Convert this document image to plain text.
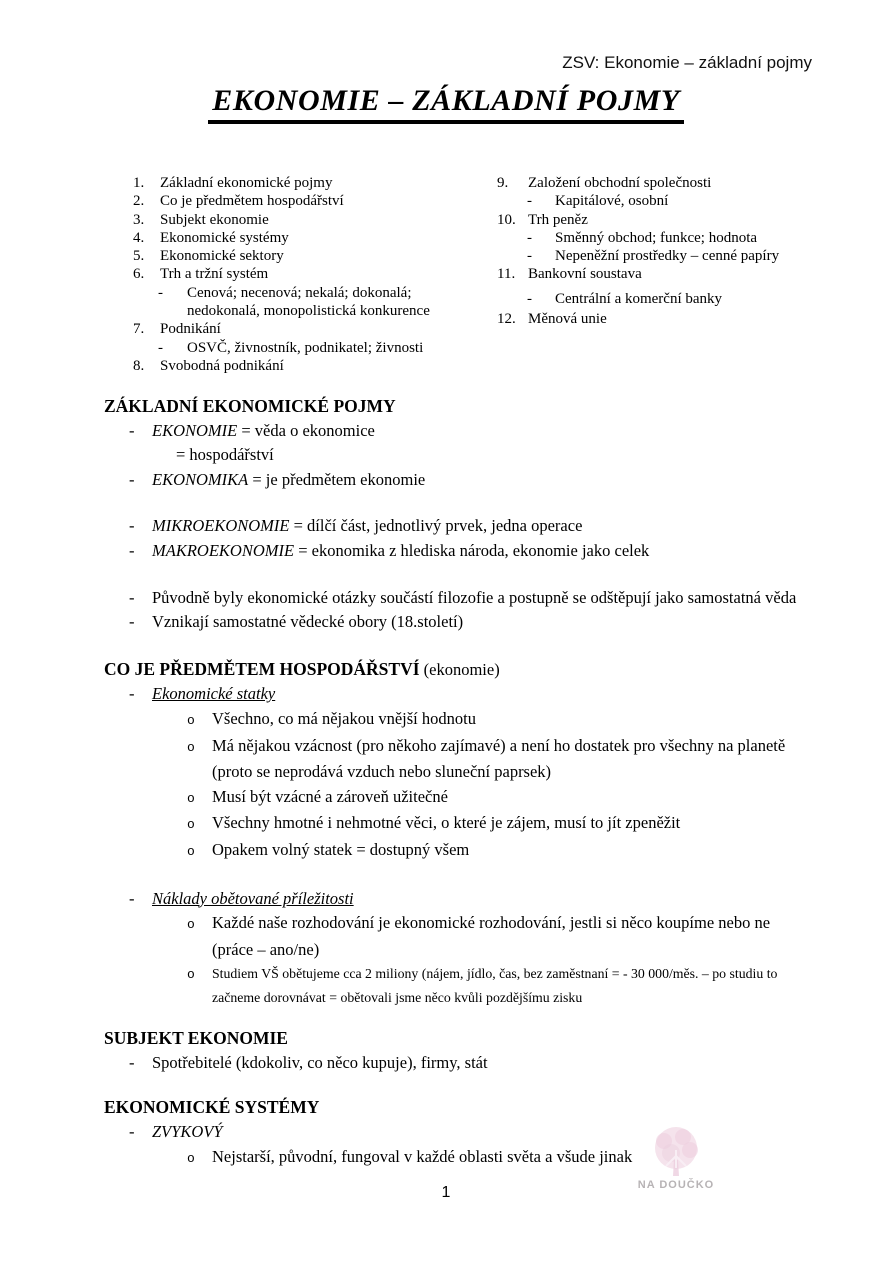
ZSV: Ekonomie – základní pojmy
EKONOMIE – ZÁKLADNÍ POJMY
1. Základní ekonomické pojmy
2. Co je předmětem hospodářství
3. Subjekt ekonomie
4. Ekonomické systémy
5. Ekonomické sektory
6. Trh a tržní systém
- Cenová; necenová; nekalá; dokonalá; nedokonalá, monopolistická konkurence
7. Podnikání
- OSVČ, živnostník, podnikatel; živnosti
8. Svobodná podnikání
9. Založení obchodní společnosti
- Kapitálové, osobní
10. Trh peněz
- Směnný obchod; funkce; hodnota
- Nepeněžní prostředky – cenné papíry
11. Bankovní soustava
- Centrální a komerční banky
12. Měnová unie
ZÁKLADNÍ EKONOMICKÉ POJMY
- EKONOMIE = věda o ekonomice
= hospodářství
- EKONOMIKA = je předmětem ekonomie
- MIKROEKONOMIE = dílčí část, jednotlivý prvek, jedna operace
- MAKROEKONOMIE = ekonomika z hlediska národa, ekonomie jako celek
- Původně byly ekonomické otázky součástí filozofie a postupně se odštěpují jako samostatná věda
- Vznikají samostatné vědecké obory (18.století)
CO JE PŘEDMĚTEM HOSPODÁŘSTVÍ (ekonomie)
- Ekonomické statky
o Všechno, co má nějakou vnější hodnotu
o Má nějakou vzácnost (pro někoho zajímavé) a není ho dostatek pro všechny na planetě (proto se neprodává vzduch nebo sluneční paprsek)
o Musí být vzácné a zároveň užitečné
o Všechny hmotné i nehmotné věci, o které je zájem, musí to jít zpeněžit
o Opakem volný statek = dostupný všem
- Náklady obětované příležitosti
o Každé naše rozhodování je ekonomické rozhodování, jestli si něco koupíme nebo ne (práce – ano/ne)
o Studiem VŠ obětujeme cca 2 miliony (nájem, jídlo, čas, bez zaměstnaní = - 30 000/měs. – po studiu to začneme dorovnávat = obětovali jsme něco kvůli pozdějšímu zisku
SUBJEKT EKONOMIE
- Spotřebitelé (kdokoliv, co něco kupuje), firmy, stát
EKONOMICKÉ SYSTÉMY
- ZVYKOVÝ
o Nejstarší, původní, fungoval v každé oblasti světa a všude jinak
NA DOUČKO
1
